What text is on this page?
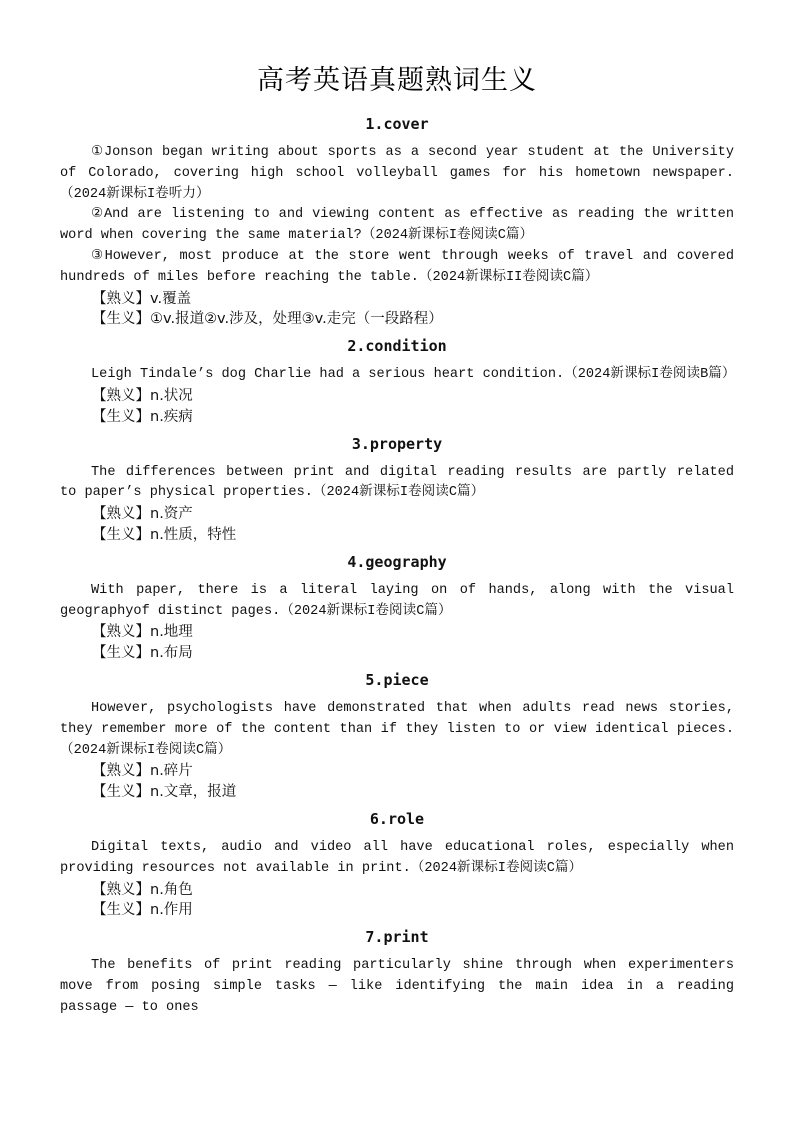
高考英语真题熟词生义
1.cover

①Jonson began writing about sports as a second year student at the University of Colorado, covering high school volleyball games for his hometown newspaper.（2024新课标I卷听力）

②And are listening to and viewing content as effective as reading the written word when covering the same material?（2024新课标I卷阅读C篇）

③However, most produce at the store went through weeks of travel and covered hundreds of miles before reaching the table.（2024新课标II卷阅读C篇）

【熟义】v.覆盖

【生义】①v.报道②v.涉及，处理③v.走完（一段路程）

2.condition

Leigh Tindale’s dog Charlie had a serious heart condition.（2024新课标I卷阅读B篇）

【熟义】n.状况

【生义】n.疾病

3.property

The differences between print and digital reading results are partly related to paper’s physical properties.（2024新课标I卷阅读C篇）

【熟义】n.资产

【生义】n.性质，特性

4.geography

With paper, there is a literal laying on of hands, along with the visual geographyof distinct pages.（2024新课标I卷阅读C篇）

【熟义】n.地理

【生义】n.布局

5.piece

However, psychologists have demonstrated that when adults read news stories, they remember more of the content than if they listen to or view identical pieces.（2024新课标I卷阅读C篇）

【熟义】n.碎片

【生义】n.文章，报道

6.role

Digital texts, audio and video all have educational roles, especially when providing resources not available in print.（2024新课标I卷阅读C篇）

【熟义】n.角色

【生义】n.作用

7.print

The benefits of print reading particularly shine through when experimenters move from posing simple tasks — like identifying the main idea in a reading passage — to ones
